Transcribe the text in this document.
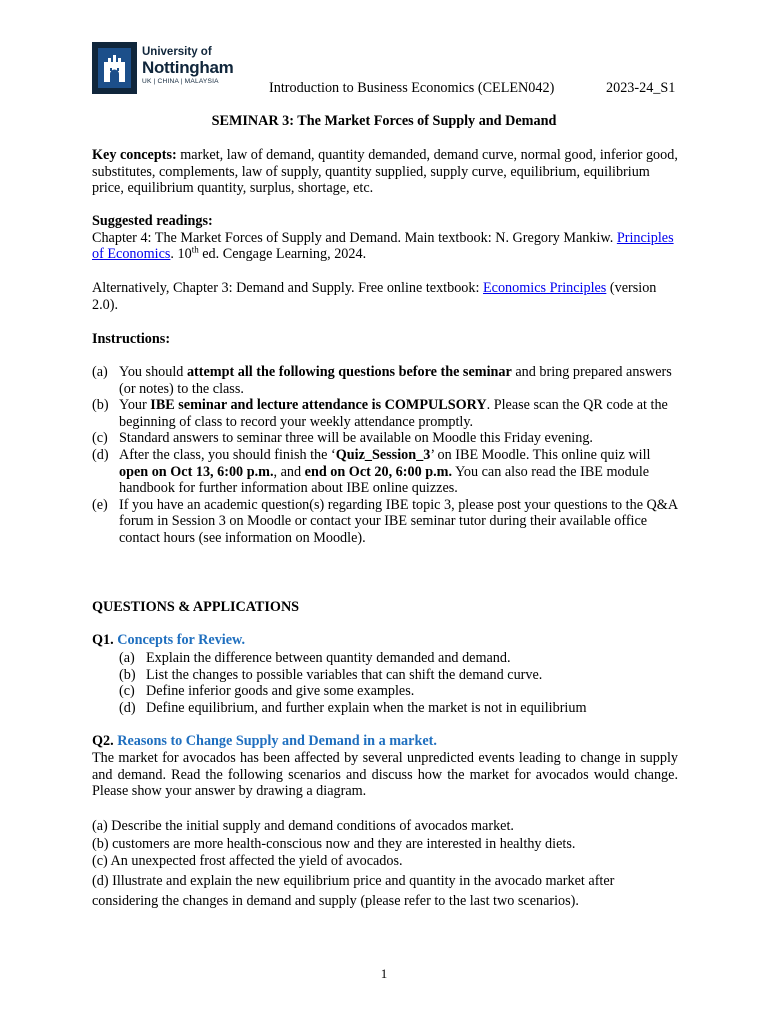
University of
Nottingham
UK | CHINA | MALAYSIA	Introduction to Business Economics (CELEN042)	2023-24_S1
SEMINAR 3: The Market Forces of Supply and Demand
Key concepts: market, law of demand, quantity demanded, demand curve, normal good, inferior good, substitutes, complements, law of supply, quantity supplied, supply curve, equilibrium, equilibrium price, equilibrium quantity, surplus, shortage, etc.
Suggested readings:
Chapter 4: The Market Forces of Supply and Demand. Main textbook: N. Gregory Mankiw. Principles of Economics. 10th ed. Cengage Learning, 2024.
Alternatively, Chapter 3: Demand and Supply. Free online textbook: Economics Principles (version 2.0).
Instructions:
(a) You should attempt all the following questions before the seminar and bring prepared answers (or notes) to the class.
(b) Your IBE seminar and lecture attendance is COMPULSORY. Please scan the QR code at the beginning of class to record your weekly attendance promptly.
(c) Standard answers to seminar three will be available on Moodle this Friday evening.
(d) After the class, you should finish the ‘Quiz_Session_3’ on IBE Moodle. This online quiz will open on Oct 13, 6:00 p.m., and end on Oct 20, 6:00 p.m. You can also read the IBE module handbook for further information about IBE online quizzes.
(e) If you have an academic question(s) regarding IBE topic 3, please post your questions to the Q&A forum in Session 3 on Moodle or contact your IBE seminar tutor during their available office contact hours (see information on Moodle).
QUESTIONS & APPLICATIONS
Q1. Concepts for Review.
(a) Explain the difference between quantity demanded and demand.
(b) List the changes to possible variables that can shift the demand curve.
(c) Define inferior goods and give some examples.
(d) Define equilibrium, and further explain when the market is not in equilibrium
Q2. Reasons to Change Supply and Demand in a market.
The market for avocados has been affected by several unpredicted events leading to change in supply and demand. Read the following scenarios and discuss how the market for avocados would change. Please show your answer by drawing a diagram.
(a) Describe the initial supply and demand conditions of avocados market.
(b) customers are more health-conscious now and they are interested in healthy diets.
(c) An unexpected frost affected the yield of avocados.
(d) Illustrate and explain the new equilibrium price and quantity in the avocado market after considering the changes in demand and supply (please refer to the last two scenarios).
1
